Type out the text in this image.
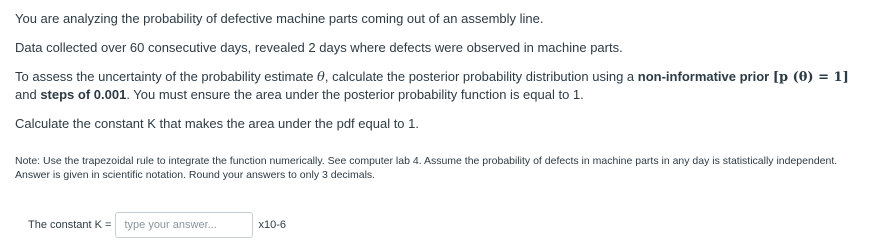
You are analyzing the probability of defective machine parts coming out of an assembly line.

Data collected over 60 consecutive days, revealed 2 days where defects were observed in machine parts.

To assess the uncertainty of the probability estimate θ, calculate the posterior probability distribution using a non-informative prior [p (θ) = 1] and steps of 0.001. You must ensure the area under the posterior probability function is equal to 1.

Calculate the constant K that makes the area under the pdf equal to 1.

Note: Use the trapezoidal rule to integrate the function numerically. See computer lab 4. Assume the probability of defects in machine parts in any day is statistically independent. Answer is given in scientific notation. Round your answers to only 3 decimals.

The constant K =
type your answer...	x10-6
